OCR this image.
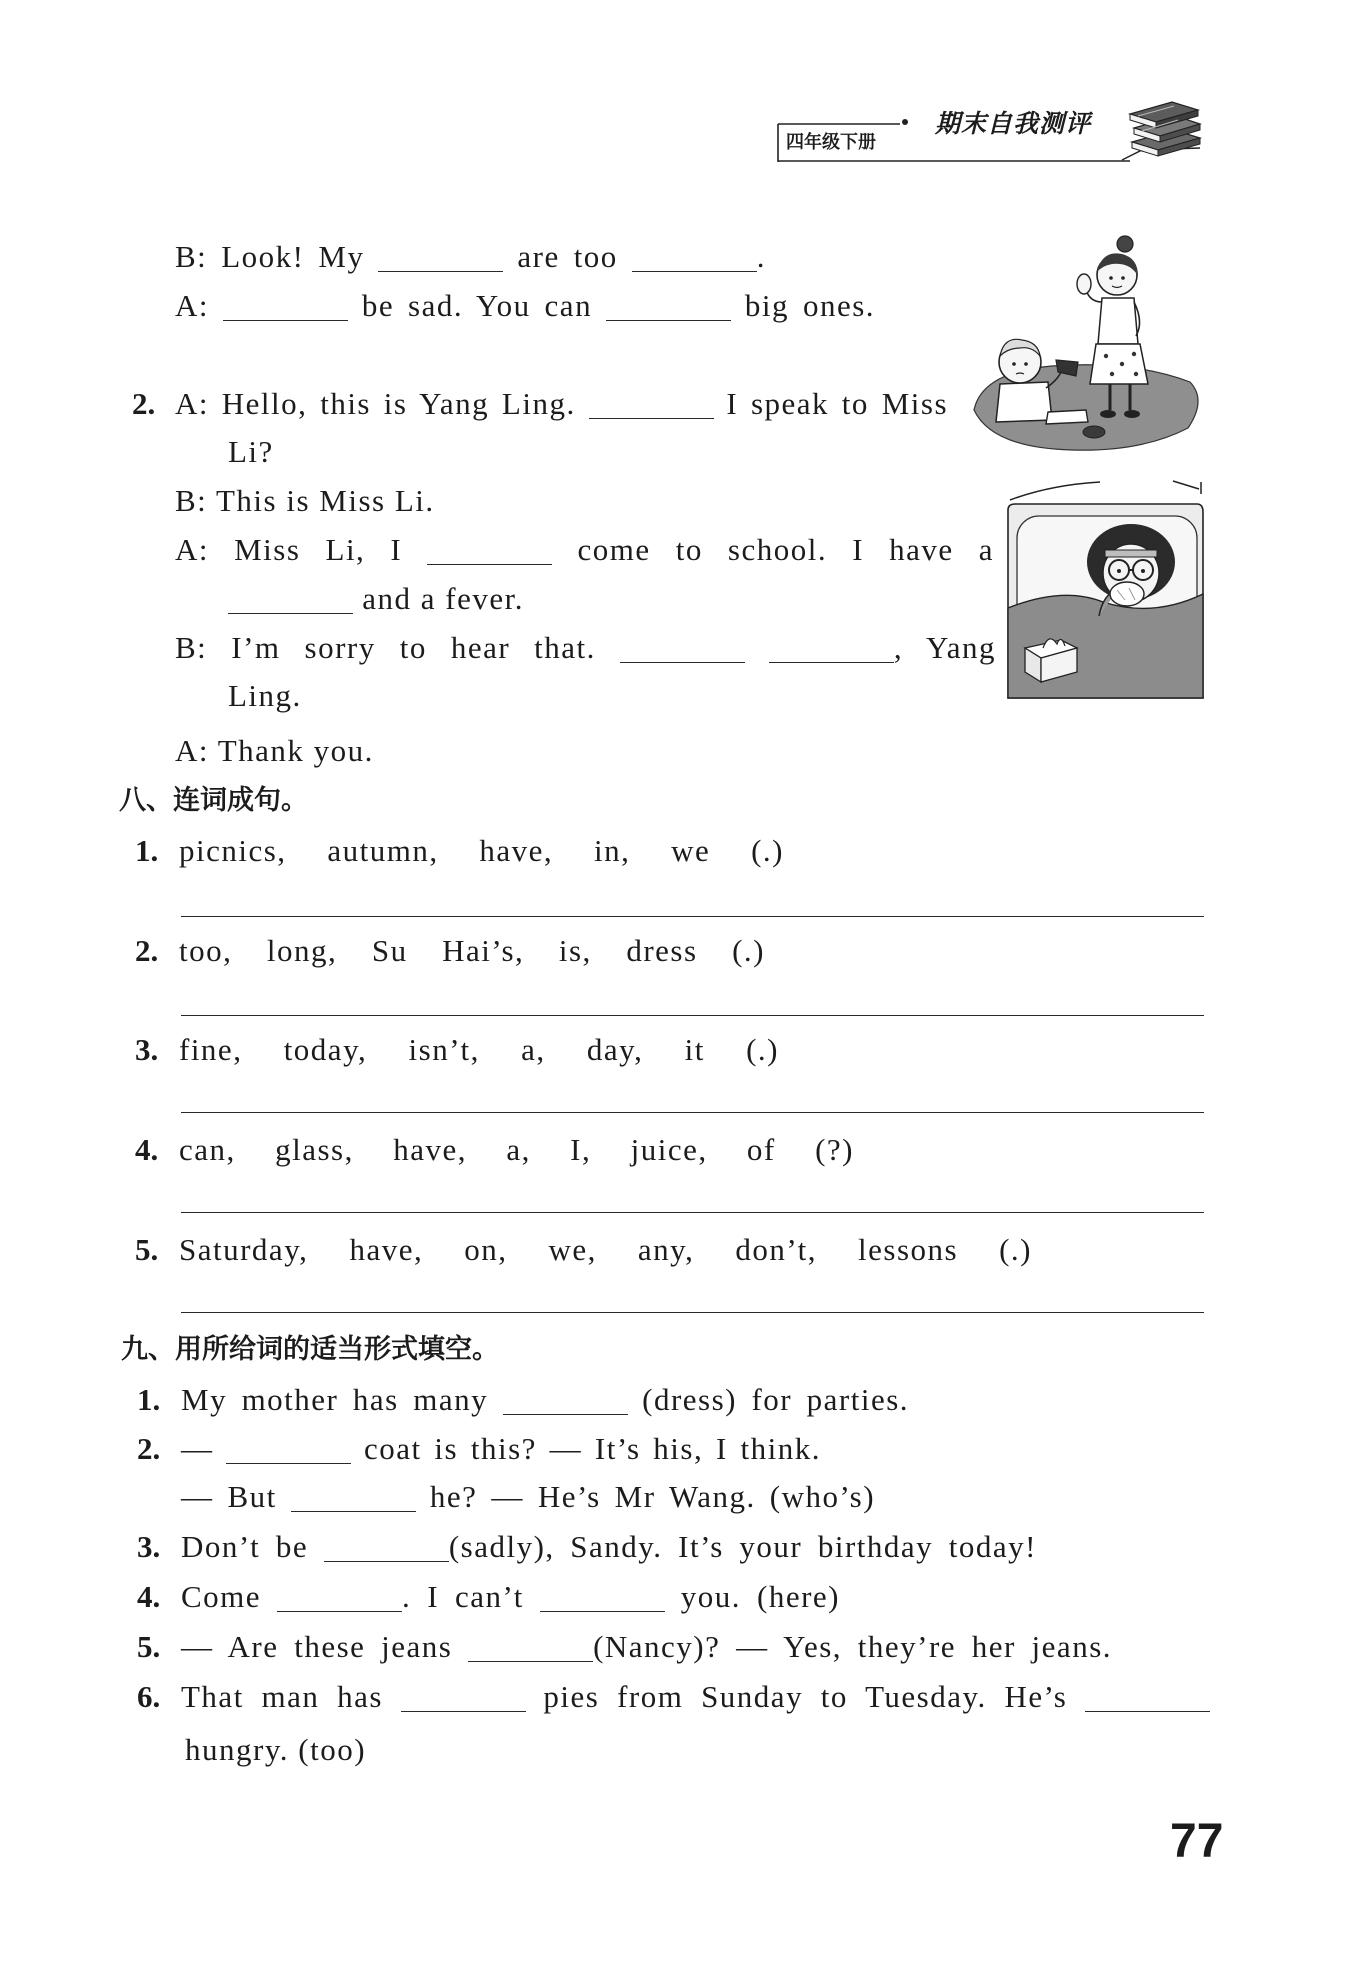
四年级下册
期末自我测评
B: Look! My	are too	.
A:	be sad. You can	big ones.
2. A: Hello, this is Yang Ling.	I speak to Miss
Li?
B: This is Miss Li.
A: Miss Li, I	come to school. I have a
and a fever.
B: I’m sorry to hear that.	, Yang
Ling.
A: Thank you.
八、连词成句。
1. picnics, autumn, have, in, we (.)
2. too, long, Su Hai’s, is, dress (.)
3. fine, today, isn’t, a, day, it (.)
4. can, glass, have, a, I, juice, of (?)
5. Saturday, have, on, we, any, don’t, lessons (.)
九、用所给词的适当形式填空。
1. My mother has many	(dress) for parties.
2. —	coat is this? — It’s his, I think.
— But	he? — He’s Mr Wang. (who’s)
3. Don’t be	(sadly), Sandy. It’s your birthday today!
4. Come	. I can’t	you. (here)
5. — Are these jeans	(Nancy)? — Yes, they’re her jeans.
6. That man has	pies from Sunday to Tuesday. He’s
hungry. (too)
77
